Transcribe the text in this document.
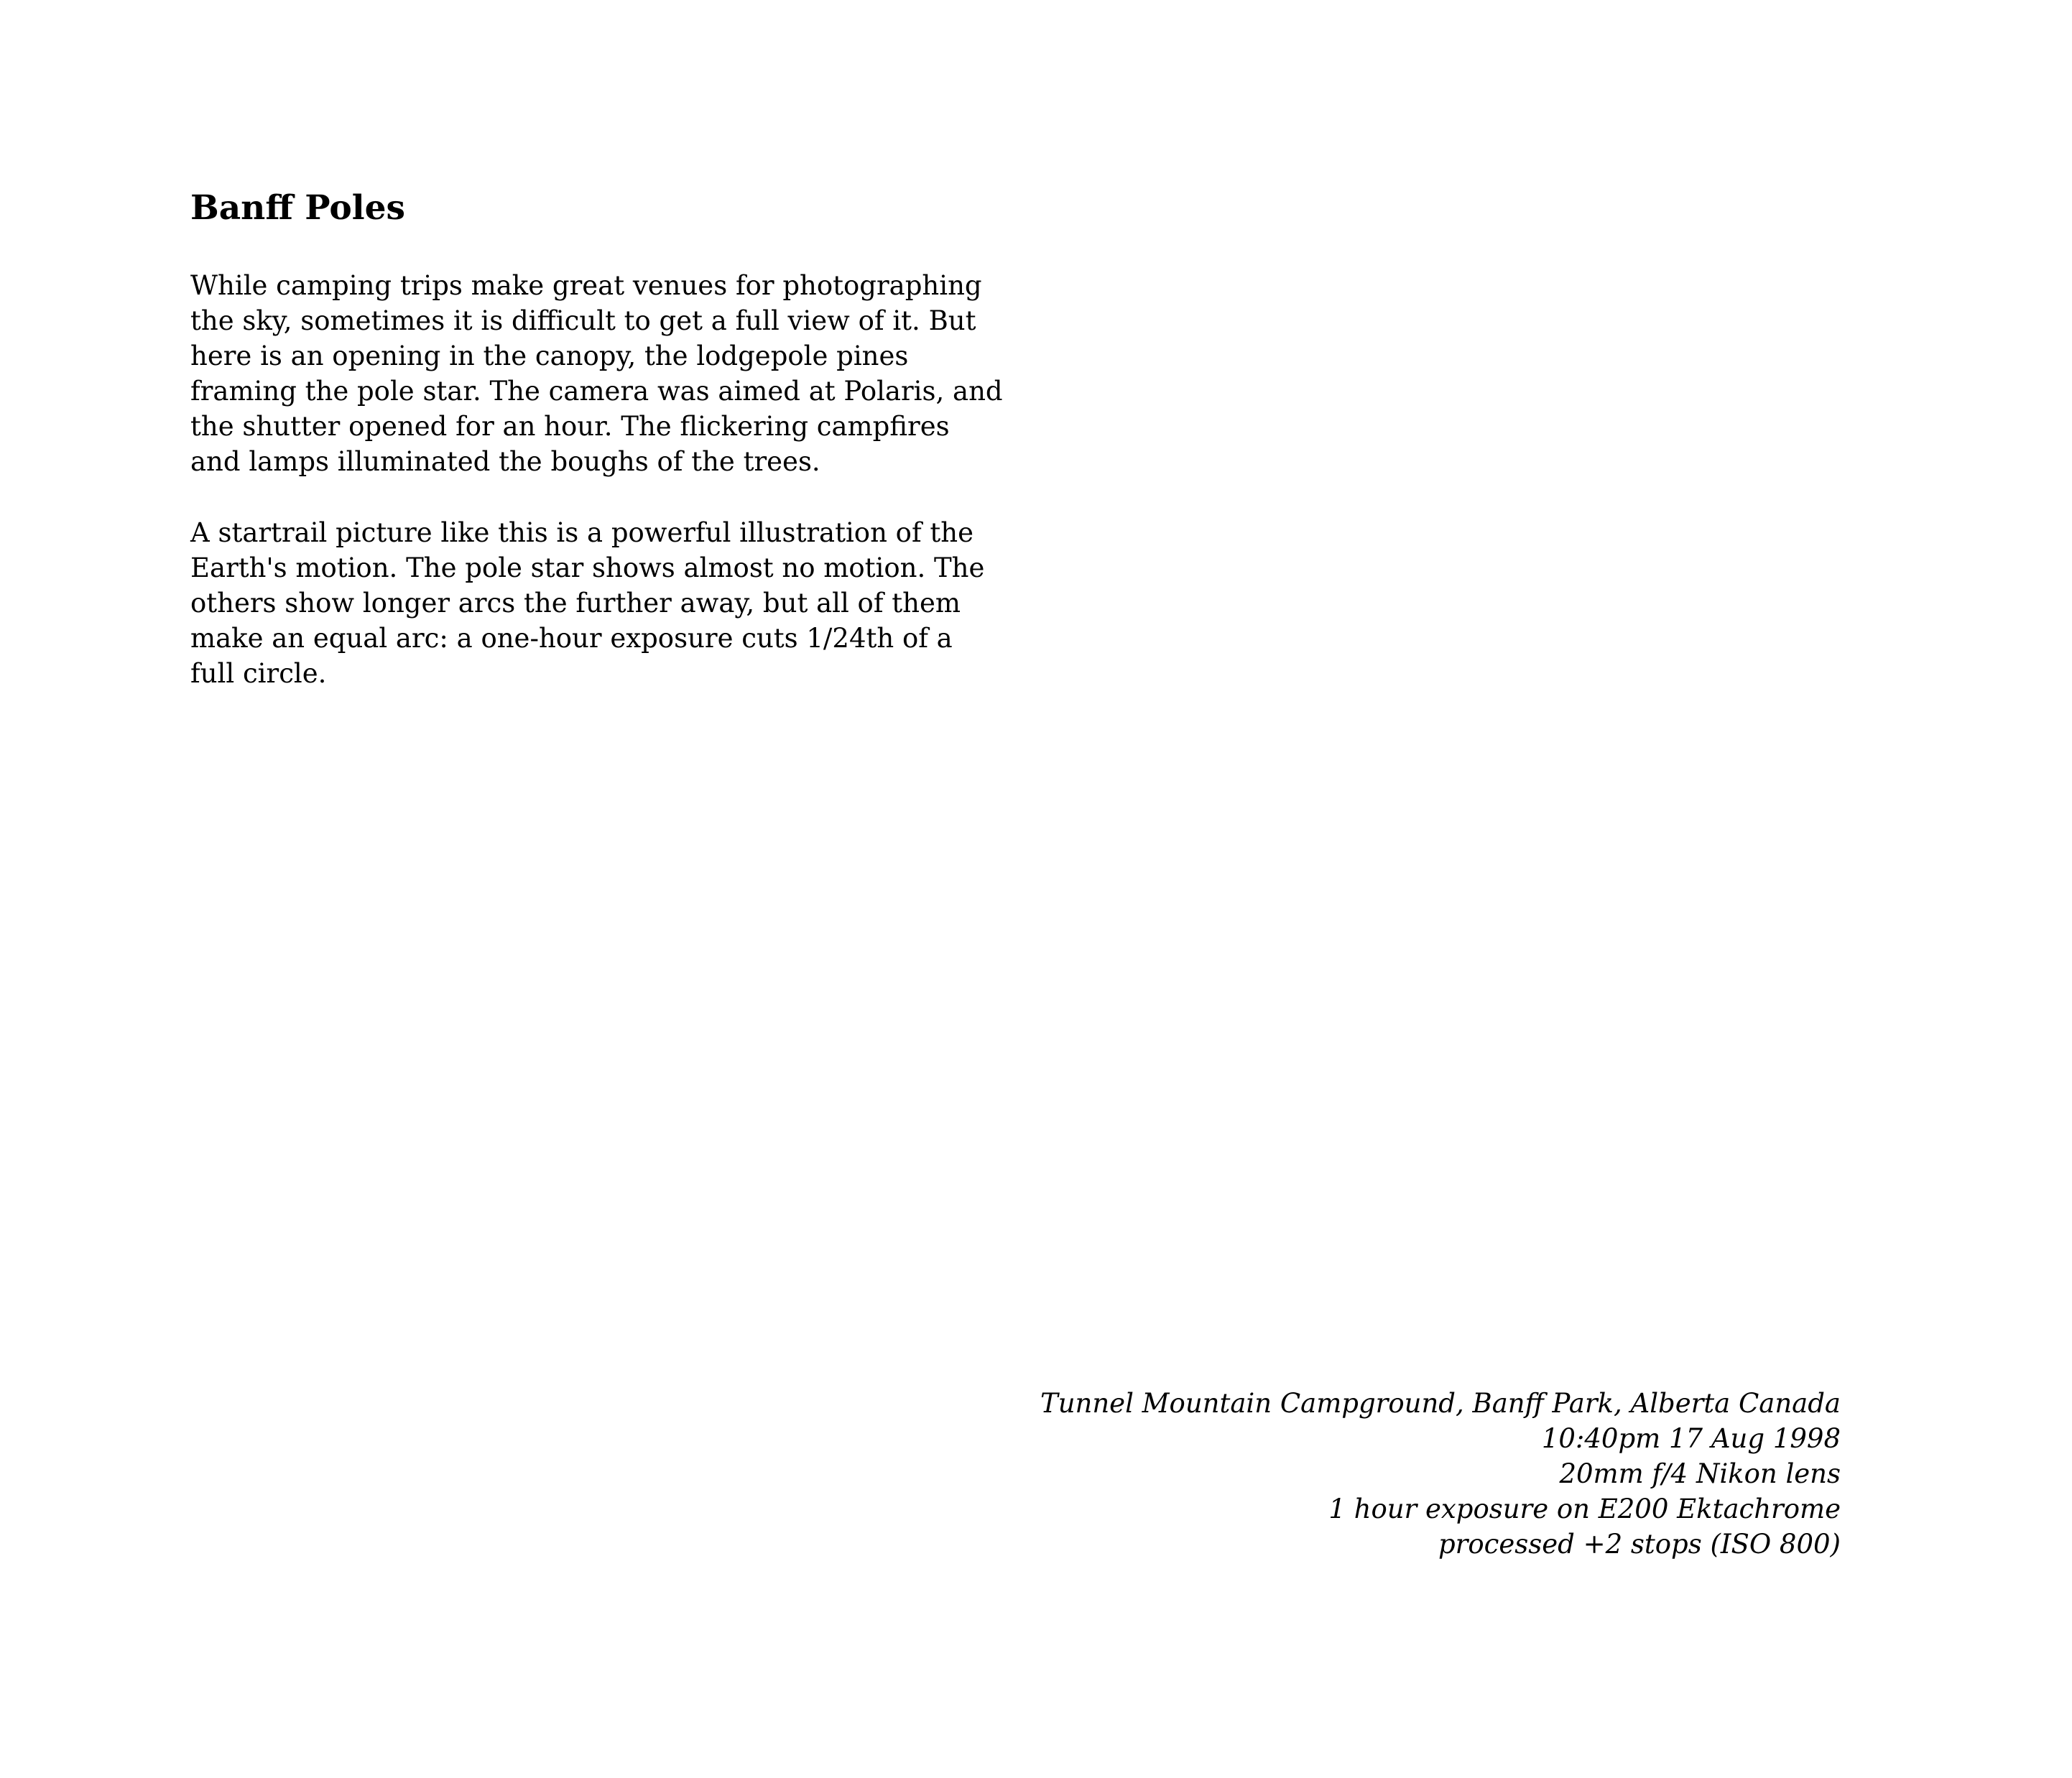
Banff Poles
While camping trips make great venues for photographing
the sky, sometimes it is difficult to get a full view of it. But
here is an opening in the canopy, the lodgepole pines
framing the pole star. The camera was aimed at Polaris, and
the shutter opened for an hour. The flickering campfires
and lamps illuminated the boughs of the trees.
A startrail picture like this is a powerful illustration of the
Earth's motion. The pole star shows almost no motion. The
others show longer arcs the further away, but all of them
make an equal arc: a one-hour exposure cuts 1/24th of a
full circle.
Tunnel Mountain Campground, Banff Park, Alberta Canada
10:40pm 17 Aug 1998
20mm f/4 Nikon lens
1 hour exposure on E200 Ektachrome
processed +2 stops (ISO 800)
